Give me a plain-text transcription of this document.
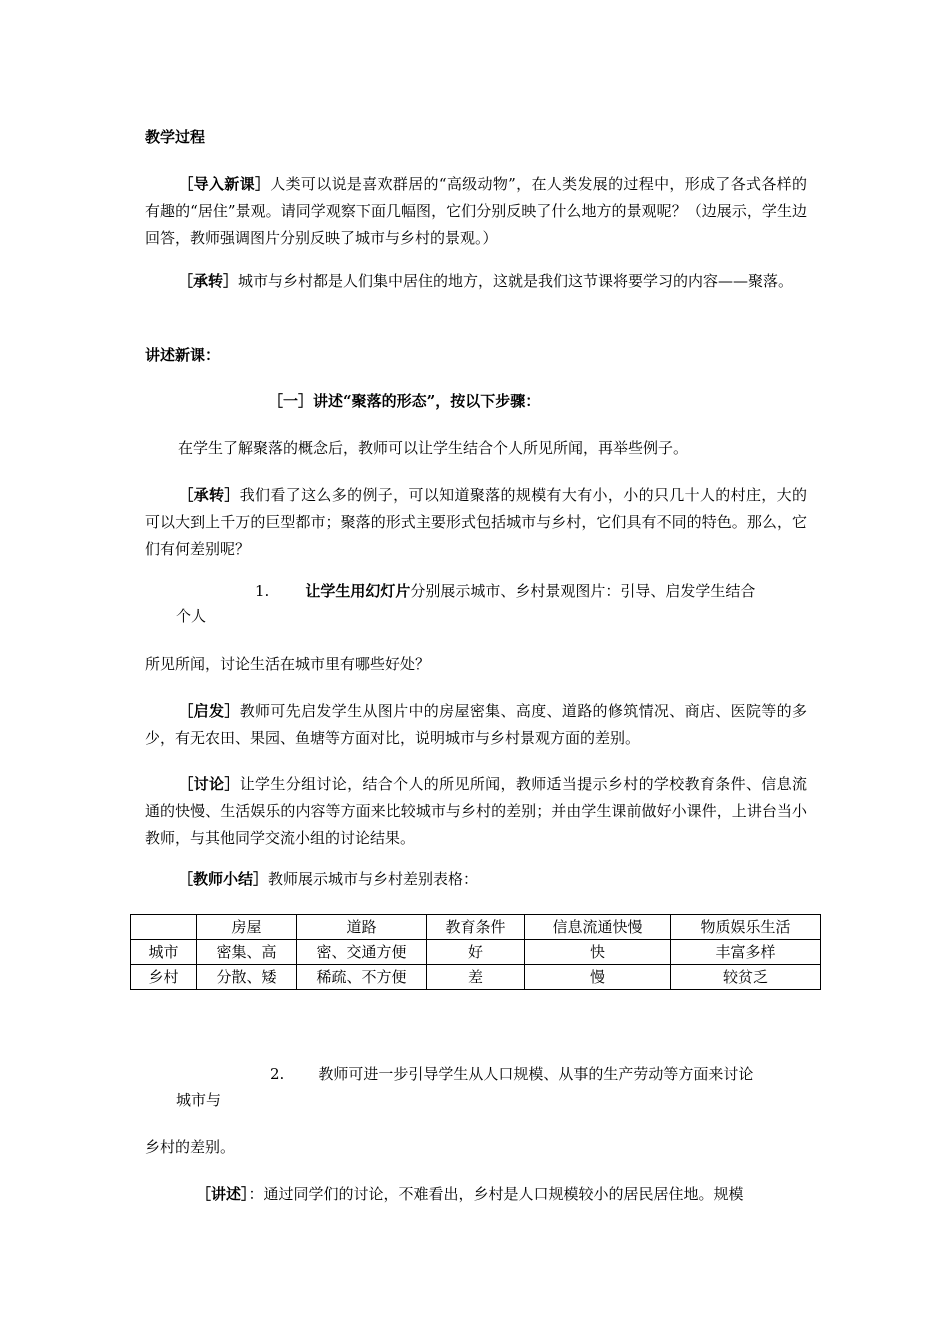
教学过程
［导入新课］人类可以说是喜欢群居的“高级动物”，在人类发展的过程中，形成了各式各样的有趣的“居住”景观。请同学观察下面几幅图，它们分别反映了什么地方的景观呢？（边展示，学生边回答，教师强调图片分别反映了城市与乡村的景观。）
［承转］城市与乡村都是人们集中居住的地方，这就是我们这节课将要学习的内容——聚落。
讲述新课：
［一］讲述“聚落的形态”，按以下步骤：
在学生了解聚落的概念后，教师可以让学生结合个人所见所闻，再举些例子。
［承转］我们看了这么多的例子，可以知道聚落的规模有大有小，小的只几十人的村庄，大的可以大到上千万的巨型都市；聚落的形式主要形式包括城市与乡村，它们具有不同的特色。那么，它们有何差别呢？
1. 让学生用幻灯片分别展示城市、乡村景观图片：引导、启发学生结合
个人
所见所闻，讨论生活在城市里有哪些好处？
［启发］教师可先启发学生从图片中的房屋密集、高度、道路的修筑情况、商店、医院等的多少，有无农田、果园、鱼塘等方面对比，说明城市与乡村景观方面的差别。
［讨论］让学生分组讨论，结合个人的所见所闻，教师适当提示乡村的学校教育条件、信息流通的快慢、生活娱乐的内容等方面来比较城市与乡村的差别；并由学生课前做好小课件，上讲台当小教师，与其他同学交流小组的讨论结果。
［教师小结］教师展示城市与乡村差别表格：
	房屋	道路	教育条件	信息流通快慢	物质娱乐生活
城市	密集、高	密、交通方便	好	快	丰富多样
乡村	分散、矮	稀疏、不方便	差	慢	较贫乏
2. 教师可进一步引导学生从人口规模、从事的生产劳动等方面来讨论
城市与
乡村的差别。
［讲述］：通过同学们的讨论，不难看出，乡村是人口规模较小的居民居住地。规模
